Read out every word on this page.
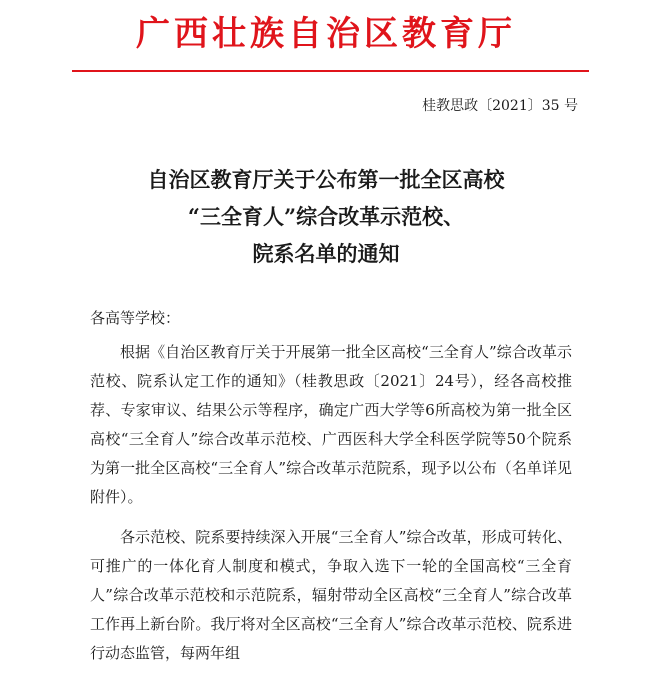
广西壮族自治区教育厅
桂教思政〔2021〕35 号
自治区教育厅关于公布第一批全区高校
“三全育人”综合改革示范校、
院系名单的通知
各高等学校：

根据《自治区教育厅关于开展第一批全区高校“三全育人”综合改革示范校、院系认定工作的通知》（桂教思政〔2021〕24号），经各高校推荐、专家审议、结果公示等程序，确定广西大学等6所高校为第一批全区高校“三全育人”综合改革示范校、广西医科大学全科医学院等50个院系为第一批全区高校“三全育人”综合改革示范院系，现予以公布（名单详见附件）。

各示范校、院系要持续深入开展“三全育人”综合改革，形成可转化、可推广的一体化育人制度和模式，争取入选下一轮的全国高校“三全育人”综合改革示范校和示范院系，辐射带动全区高校“三全育人”综合改革工作再上新台阶。我厅将对全区高校“三全育人”综合改革示范校、院系进行动态监管，每两年组
